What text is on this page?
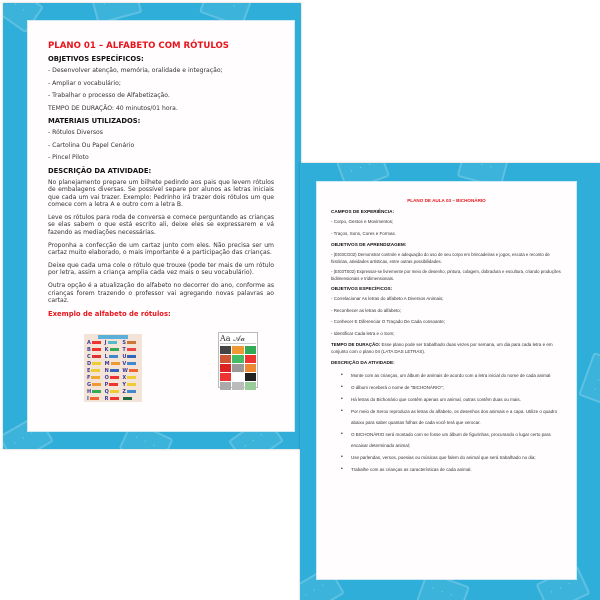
· · ·
· · ·
· · ·
· · ·
· · ·
· · ·
PLANO 01 – ALFABETO COM RÓTULOS
OBJETIVOS ESPECÍFICOS:
- Desenvolver atenção, memória, oralidade e integração;
- Ampliar o vocabulário;
- Trabalhar o processo de Alfabetização.
TEMPO DE DURAÇÃO: 40 minutos/01 hora.
MATERIAIS UTILIZADOS:
- Rótulos Diversos
- Cartolina Ou Papel Cenário
- Pincel Piloto
DESCRIÇÃO DA ATIVIDADE:
No planejamento prepare um bilhete pedindo aos pais que levem rótulos de embalagens diversas. Se possível separe por alunos as letras iniciais que cada um vai trazer. Exemplo: Pedrinho irá trazer dois rótulos um que comece com a letra A e outro com a letra B.
Leve os rótulos para roda de conversa e comece perguntando as crianças se elas sabem o que está escrito ali, deixe eles se expressarem e vá fazendo as mediações necessárias.
Proponha a confecção de um cartaz junto com eles. Não precisa ser um cartaz muito elaborado, o mais importante é a participação das crianças.
Deixe que cada uma cole o rótulo que trouxe (pode ter mais de um rótulo por letra, assim a criança amplia cada vez mais o seu vocabulário).
Outra opção é a atualização do alfabeto no decorrer do ano, conforme as crianças forem trazendo o professor vai agregando novas palavras ao cartaz.
Exemplo de alfabeto de rótulos:
A	J	S
B	K	T
C	L	U
D	M	V
E	N	W
F	O	X
G	P	Y
H	Q	Z
I	R
Aa 𝒜𝒶
· · ·
· · ·
· · ·
· · ·
· · ·
· · ·
PLANO DE AULA 03 – BICHONÁRIO
CAMPOS DE EXPERIÊNCIA:
- Corpo, Gestos e Movimentos;
- Traços, Sons, Cores e Formas.
OBJETIVOS DE APRENDIZAGEM:
- (EI03CG02) Demonstrar controle e adequação do uso de seu corpo em brincadeiras e jogos, escuta e reconto de histórias, atividades artísticas, entre outras possibilidades.
- (EI03TS02) Expressar-se livremente por meio de desenho, pintura, colagem, dobradura e escultura, criando produções bidimensionais e tridimensionais.
OBJETIVOS ESPECÍFICOS:
- Correlacionar As letras do alfabeto A Diversos Animais;
- Reconhecer as letras do alfabeto;
- Conhecer E Diferenciar O Traçado De Cada consoante;
- Identificar Cada letra e o Som;
TEMPO DE DURAÇÃO: Esse plano pode ser trabalhado duas vezes por semana, um dia para cada letra e em conjunto com o plano 04 (LATA DAS LETRAS).
DESCRIÇÃO DA ATIVIDADE:
• Monte com as crianças, um álbum de animais de acordo com a letra inicial do nome de cada animal
• O álbum receberá o nome de "BICHONÁRIO";
• Há letras do Bichonário que contêm apenas um animal, outras contêm duas ou mais.
• Por meio de Xerox reproduza as letras do alfabeto, os desenhos dos animais e a capa. Utilize o quadro abaixo para saber quantas folhas de cada você terá que xerocar.
• O BICHONÁRIO será montado com se fosse um álbum de figurinhas, procurando o lugar certo para encaixar determinado animal;
• Use parlendas, versos, poesias ou músicas que falem do animal que será trabalhado no dia;
• Trabalhe com as crianças as características de cada animal.
